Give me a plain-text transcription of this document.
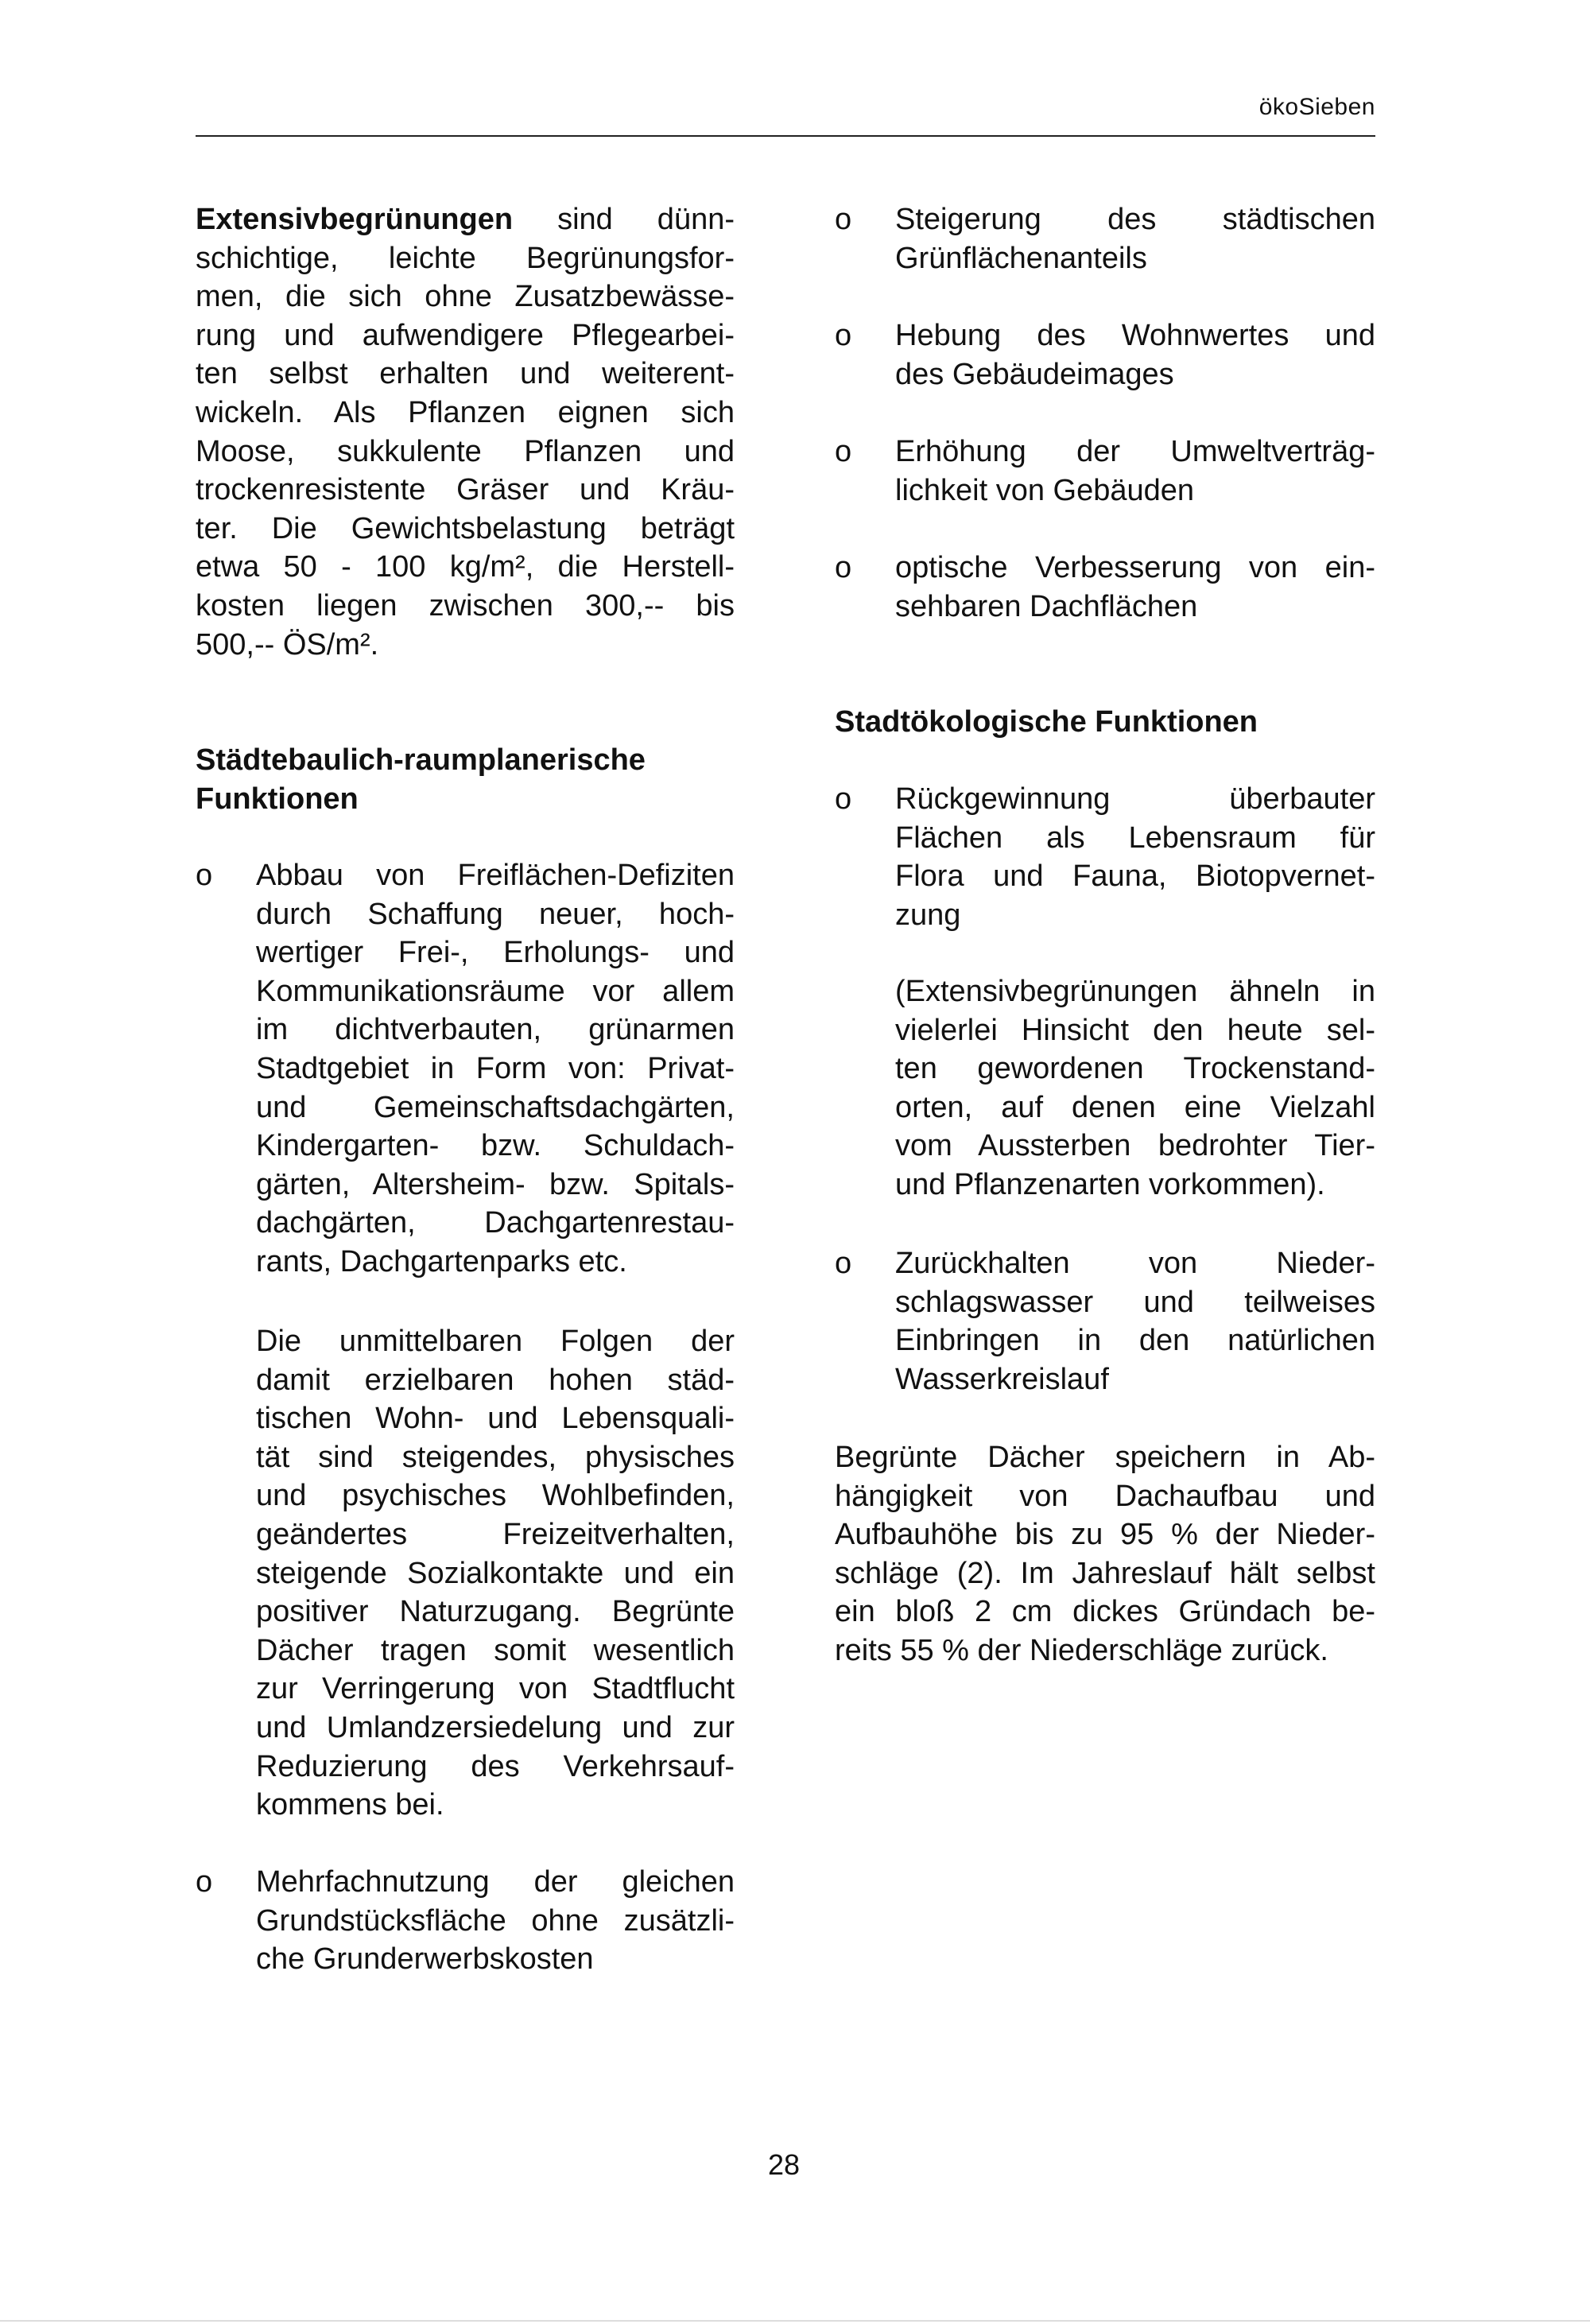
ökoSieben
Extensivbegrünungen sind dünn-
schichtige, leichte Begrünungsfor-
men, die sich ohne Zusatzbewässe-
rung und aufwendigere Pflegearbei-
ten selbst erhalten und weiterent-
wickeln. Als Pflanzen eignen sich
Moose, sukkulente Pflanzen und
trockenresistente Gräser und Kräu-
ter. Die Gewichtsbelastung beträgt
etwa 50 - 100 kg/m², die Herstell-
kosten liegen zwischen 300,-- bis
500,-- ÖS/m².
Städtebaulich-raumplanerische
Funktionen
o Abbau von Freiflächen-Defiziten
durch Schaffung neuer, hoch-
wertiger Frei-, Erholungs- und
Kommunikationsräume vor allem
im dichtverbauten, grünarmen
Stadtgebiet in Form von: Privat-
und Gemeinschaftsdachgärten,
Kindergarten- bzw. Schuldach-
gärten, Altersheim- bzw. Spitals-
dachgärten, Dachgartenrestau-
rants, Dachgartenparks etc.
Die unmittelbaren Folgen der
damit erzielbaren hohen städ-
tischen Wohn- und Lebensquali-
tät sind steigendes, physisches
und psychisches Wohlbefinden,
geändertes Freizeitverhalten,
steigende Sozialkontakte und ein
positiver Naturzugang. Begrünte
Dächer tragen somit wesentlich
zur Verringerung von Stadtflucht
und Umlandzersiedelung und zur
Reduzierung des Verkehrsauf-
kommens bei.
o Mehrfachnutzung der gleichen
Grundstücksfläche ohne zusätzli-
che Grunderwerbskosten
o Steigerung des städtischen
Grünflächenanteils
o Hebung des Wohnwertes und
des Gebäudeimages
o Erhöhung der Umweltverträg-
lichkeit von Gebäuden
o optische Verbesserung von ein-
sehbaren Dachflächen
Stadtökologische Funktionen
o Rückgewinnung überbauter
Flächen als Lebensraum für
Flora und Fauna, Biotopvernet-
zung
(Extensivbegrünungen ähneln in
vielerlei Hinsicht den heute sel-
ten gewordenen Trockenstand-
orten, auf denen eine Vielzahl
vom Aussterben bedrohter Tier-
und Pflanzenarten vorkommen).
o Zurückhalten von Nieder-
schlagswasser und teilweises
Einbringen in den natürlichen
Wasserkreislauf
Begrünte Dächer speichern in Ab-
hängigkeit von Dachaufbau und
Aufbauhöhe bis zu 95 % der Nieder-
schläge (2). Im Jahreslauf hält selbst
ein bloß 2 cm dickes Gründach be-
reits 55 % der Niederschläge zurück.
28
